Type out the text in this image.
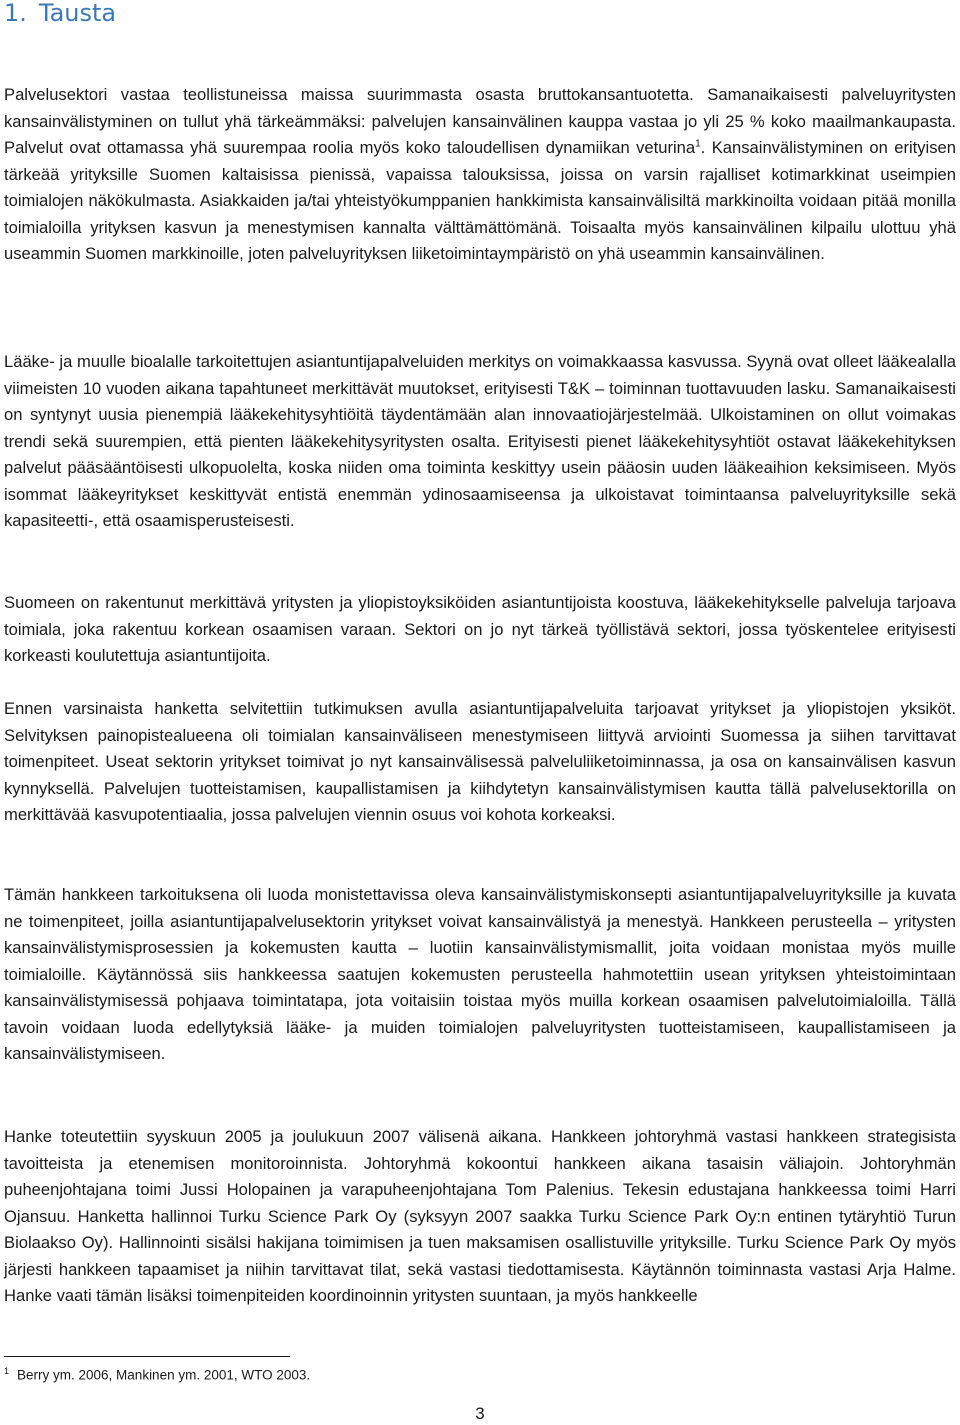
1. Tausta

Palvelusektori vastaa teollistuneissa maissa suurimmasta osasta bruttokansantuotetta. Samanaikaisesti palveluyritysten kansainvälistyminen on tullut yhä tärkeämmäksi: palvelujen kansainvälinen kauppa vastaa jo yli 25 % koko maailmankaupasta. Palvelut ovat ottamassa yhä suurempaa roolia myös koko taloudellisen dynamiikan veturina$^1$. Kansainvälistyminen on erityisen tärkeää yrityksille Suomen kaltaisissa pienissä, vapaissa talouksissa, joissa on varsin rajalliset kotimarkkinat useimpien toimialojen näkökulmasta. Asiakkaiden ja/tai yhteistyökumppanien hankkimista kansainvälisiltä markkinoilta voidaan pitää monilla toimialoilla yrityksen kasvun ja menestymisen kannalta välttämättömänä. Toisaalta myös kansainvälinen kilpailu ulottuu yhä useammin Suomen markkinoille, joten palveluyrityksen liiketoimintaympäristö on yhä useammin kansainvälinen.

Lääke- ja muulle bioalalle tarkoitettujen asiantuntijapalveluiden merkitys on voimakkaassa kasvussa. Syynä ovat olleet lääkealalla viimeisten 10 vuoden aikana tapahtuneet merkittävät muutokset, erityisesti T&K – toiminnan tuottavuuden lasku. Samanaikaisesti on syntynyt uusia pienempiä lääkekehitysyhtiöitä täydentämään alan innovaatiojärjestelmää. Ulkoistaminen on ollut voimakas trendi sekä suurempien, että pienten lääkekehitysyritysten osalta. Erityisesti pienet lääkekehitysyhtiöt ostavat lääkekehityksen palvelut pääsääntöisesti ulkopuolelta, koska niiden oma toiminta keskittyy usein pääosin uuden lääkeaihion keksimiseen. Myös isommat lääkeyritykset keskittyvät entistä enemmän ydinosaamiseensa ja ulkoistavat toimintaansa palveluyrityksille sekä kapasiteetti-, että osaamisperusteisesti.

Suomeen on rakentunut merkittävä yritysten ja yliopistoyksiköiden asiantuntijoista koostuva, lääkekehitykselle palveluja tarjoava toimiala, joka rakentuu korkean osaamisen varaan. Sektori on jo nyt tärkeä työllistävä sektori, jossa työskentelee erityisesti korkeasti koulutettuja asiantuntijoita.

Ennen varsinaista hanketta selvitettiin tutkimuksen avulla asiantuntijapalveluita tarjoavat yritykset ja yliopistojen yksiköt. Selvityksen painopistealueena oli toimialan kansainväliseen menestymiseen liittyvä arviointi Suomessa ja siihen tarvittavat toimenpiteet. Useat sektorin yritykset toimivat jo nyt kansainvälisessä palveluliiketoiminnassa, ja osa on kansainvälisen kasvun kynnyksellä. Palvelujen tuotteistamisen, kaupallistamisen ja kiihdytetyn kansainvälistymisen kautta tällä palvelusektorilla on merkittävää kasvupotentiaalia, jossa palvelujen viennin osuus voi kohota korkeaksi.

Tämän hankkeen tarkoituksena oli luoda monistettavissa oleva kansainvälistymiskonsepti asiantuntijapalveluyrityksille ja kuvata ne toimenpiteet, joilla asiantuntijapalvelusektorin yritykset voivat kansainvälistyä ja menestyä. Hankkeen perusteella – yritysten kansainvälistymisprosessien ja kokemusten kautta – luotiin kansainvälistymismallit, joita voidaan monistaa myös muille toimialoille. Käytännössä siis hankkeessa saatujen kokemusten perusteella hahmotettiin usean yrityksen yhteistoimintaan kansainvälistymisessä pohjaava toimintatapa, jota voitaisiin toistaa myös muilla korkean osaamisen palvelutoimialoilla. Tällä tavoin voidaan luoda edellytyksiä lääke- ja muiden toimialojen palveluyritysten tuotteistamiseen, kaupallistamiseen ja kansainvälistymiseen.

Hanke toteutettiin syyskuun 2005 ja joulukuun 2007 välisenä aikana. Hankkeen johtoryhmä vastasi hankkeen strategisista tavoitteista ja etenemisen monitoroinnista. Johtoryhmä kokoontui hankkeen aikana tasaisin väliajoin. Johtoryhmän puheenjohtajana toimi Jussi Holopainen ja varapuheenjohtajana Tom Palenius. Tekesin edustajana hankkeessa toimi Harri Ojansuu. Hanketta hallinnoi Turku Science Park Oy (syksyyn 2007 saakka Turku Science Park Oy:n entinen tytäryhtiö Turun Biolaakso Oy). Hallinnointi sisälsi hakijana toimimisen ja tuen maksamisen osallistuville yrityksille. Turku Science Park Oy myös järjesti hankkeen tapaamiset ja niihin tarvittavat tilat, sekä vastasi tiedottamisesta. Käytännön toiminnasta vastasi Arja Halme. Hanke vaati tämän lisäksi toimenpiteiden koordinoinnin yritysten suuntaan, ja myös hankkeelle

$^1$ Berry ym. 2006, Mankinen ym. 2001, WTO 2003.

3
